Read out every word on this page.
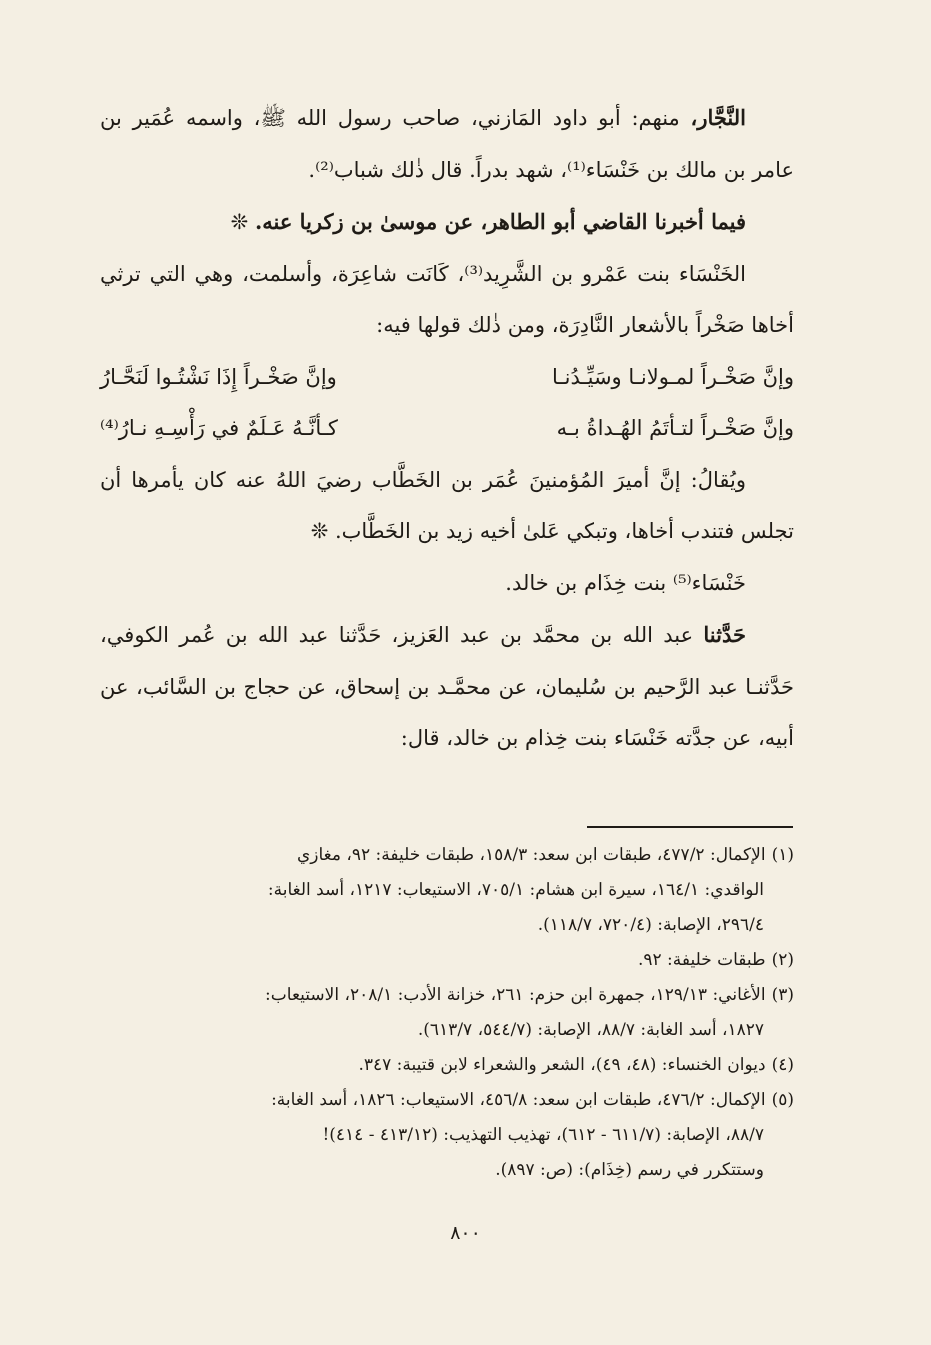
النَّجَّار، منهم: أبو داود المَازني، صاحب رسول الله ﷺ، واسمه عُمَير بن عامر بن مالك بن خَنْسَاء⁽¹⁾، شهد بدراً. قال ذٰلك شباب⁽²⁾.

فيما أخبرنا القاضي أبو الطاهر، عن موسىٰ بن زكريا عنه. ❊

الخَنْسَاء بنت عَمْرو بن الشَّرِيد⁽³⁾، كَانَت شاعِرَة، وأسلمت، وهي التي ترثي أخاها صَخْراً بالأشعار النَّادِرَة، ومن ذٰلك قولها فيه:

وإنَّ صَخْـراً لمـولانـا وسَيِّـدُنـا
وإنَّ صَخْـراً إِذَا نَشْتُـوا لَنَحَّـارُ
وإنَّ صَخْـراً لتـأتَمُ الهُـداةُ بـه
كـأنَّـهُ عَـلَمٌ في رَأْسِـهِ نـارُ⁽⁴⁾

ويُقالُ: إنَّ أميرَ المُؤمنينَ عُمَر بن الخَطَّاب رضيَ اللهُ عنه كان يأمرها أن تجلس فتندب أخاها، وتبكي عَلىٰ أخيه زيد بن الخَطَّاب. ❊

خَنْسَاء⁽⁵⁾ بنت خِذَام بن خالد.

حَدَّثنا عبد الله بن محمَّد بن عبد العَزيز، حَدَّثنا عبد الله بن عُمر الكوفي، حَدَّثنـا عبد الرَّحيم بن سُليمان، عن محمَّـد بن إسحاق، عن حجاج بن السَّائب، عن أبيه، عن جدَّته خَنْسَاء بنت خِذام بن خالد، قال:

(١)الإكمال: ٤٧٧/٢، طبقات ابن سعد: ١٥٨/٣، طبقات خليفة: ٩٢، مغازي
الواقدي: ١٦٤/١، سيرة ابن هشام: ٧٠٥/١، الاستيعاب: ١٢١٧، أسد الغابة:
٢٩٦/٤، الإصابة: (٧٢٠/٤، ١١٨/٧).

(٢)طبقات خليفة: ٩٢.

(٣)الأغاني: ١٢٩/١٣، جمهرة ابن حزم: ٢٦١، خزانة الأدب: ٢٠٨/١، الاستيعاب:
١٨٢٧، أسد الغابة: ٨٨/٧، الإصابة: (٥٤٤/٧، ٦١٣/٧).

(٤)ديوان الخنساء: (٤٨، ٤٩)، الشعر والشعراء لابن قتيبة: ٣٤٧.

(٥)الإكمال: ٤٧٦/٢، طبقات ابن سعد: ٤٥٦/٨، الاستيعاب: ١٨٢٦، أسد الغابة:
٨٨/٧، الإصابة: (٦١١/٧ - ٦١٢)، تهذيب التهذيب: (٤١٣/١٢ - ٤١٤)!
وستتكرر في رسم (خِذَام): (ص: ٨٩٧).

٨٠٠
